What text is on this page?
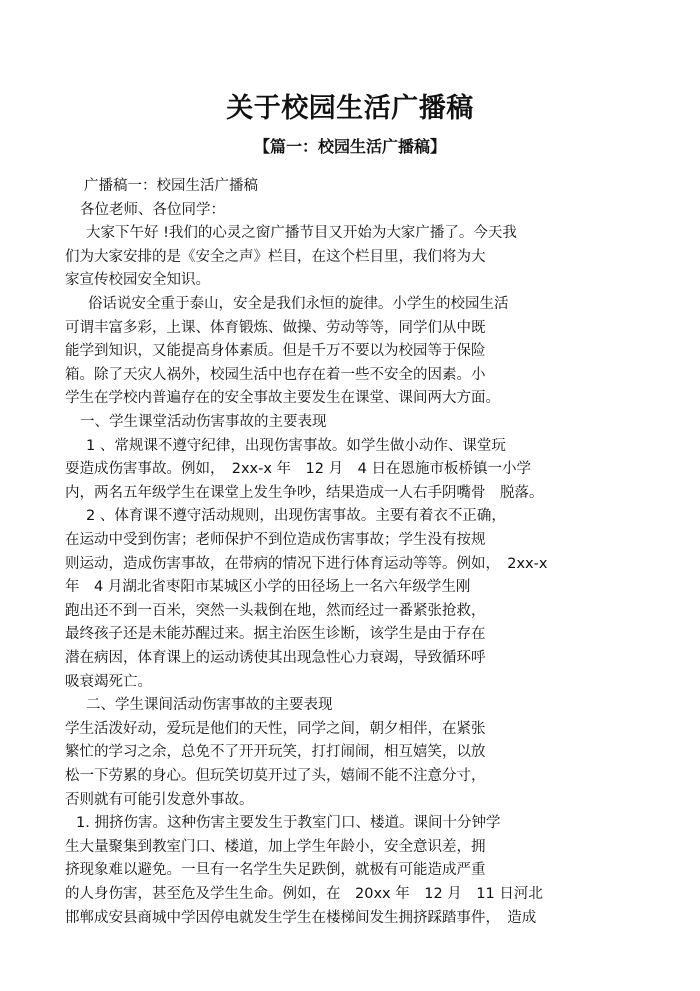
关于校园生活广播稿
【篇一：校园生活广播稿】
广播稿一：校园生活广播稿
各位老师、各位同学：
大家下午好 !我们的心灵之窗广播节目又开始为大家广播了。今天我
们为大家安排的是《安全之声》栏目，在这个栏目里，我们将为大
家宣传校园安全知识。
俗话说安全重于泰山，安全是我们永恒的旋律。小学生的校园生活
可谓丰富多彩，上课、体育锻炼、做操、劳动等等，同学们从中既
能学到知识，又能提高身体素质。但是千万不要以为校园等于保险
箱。除了天灾人祸外，校园生活中也存在着一些不安全的因素。小
学生在学校内普遍存在的安全事故主要发生在课堂、课间两大方面。
一、学生课堂活动伤害事故的主要表现
1 、常规课不遵守纪律，出现伤害事故。如学生做小动作、课堂玩
耍造成伤害事故。例如，　2xx-x 年　12 月　4 日在恩施市板桥镇一小学
内，两名五年级学生在课堂上发生争吵，结果造成一人右手阴嘴骨　脱落。
2 、体育课不遵守活动规则，出现伤害事故。主要有着衣不正确，
在运动中受到伤害；老师保护不到位造成伤害事故；学生没有按规
则运动，造成伤害事故，在带病的情况下进行体育运动等等。例如，　2xx-x
年　4 月湖北省枣阳市某城区小学的田径场上一名六年级学生刚
跑出还不到一百米，突然一头栽倒在地，然而经过一番紧张抢救，
最终孩子还是未能苏醒过来。据主治医生诊断，该学生是由于存在
潜在病因，体育课上的运动诱使其出现急性心力衰竭，导致循环呼
吸衰竭死亡。
二、学生课间活动伤害事故的主要表现
学生活泼好动，爱玩是他们的天性，同学之间，朝夕相伴，在紧张
繁忙的学习之余，总免不了开开玩笑，打打闹闹，相互嬉笑，以放
松一下劳累的身心。但玩笑切莫开过了头，嬉闹不能不注意分寸，
否则就有可能引发意外事故。
1. 拥挤伤害。这种伤害主要发生于教室门口、楼道。课间十分钟学
生大量聚集到教室门口、楼道，加上学生年龄小，安全意识差，拥
挤现象难以避免。一旦有一名学生失足跌倒，就极有可能造成严重
的人身伤害，甚至危及学生生命。例如，在　20xx 年　12 月　11 日河北
邯郸成安县商城中学因停电就发生学生在楼梯间发生拥挤踩踏事件，　造成
